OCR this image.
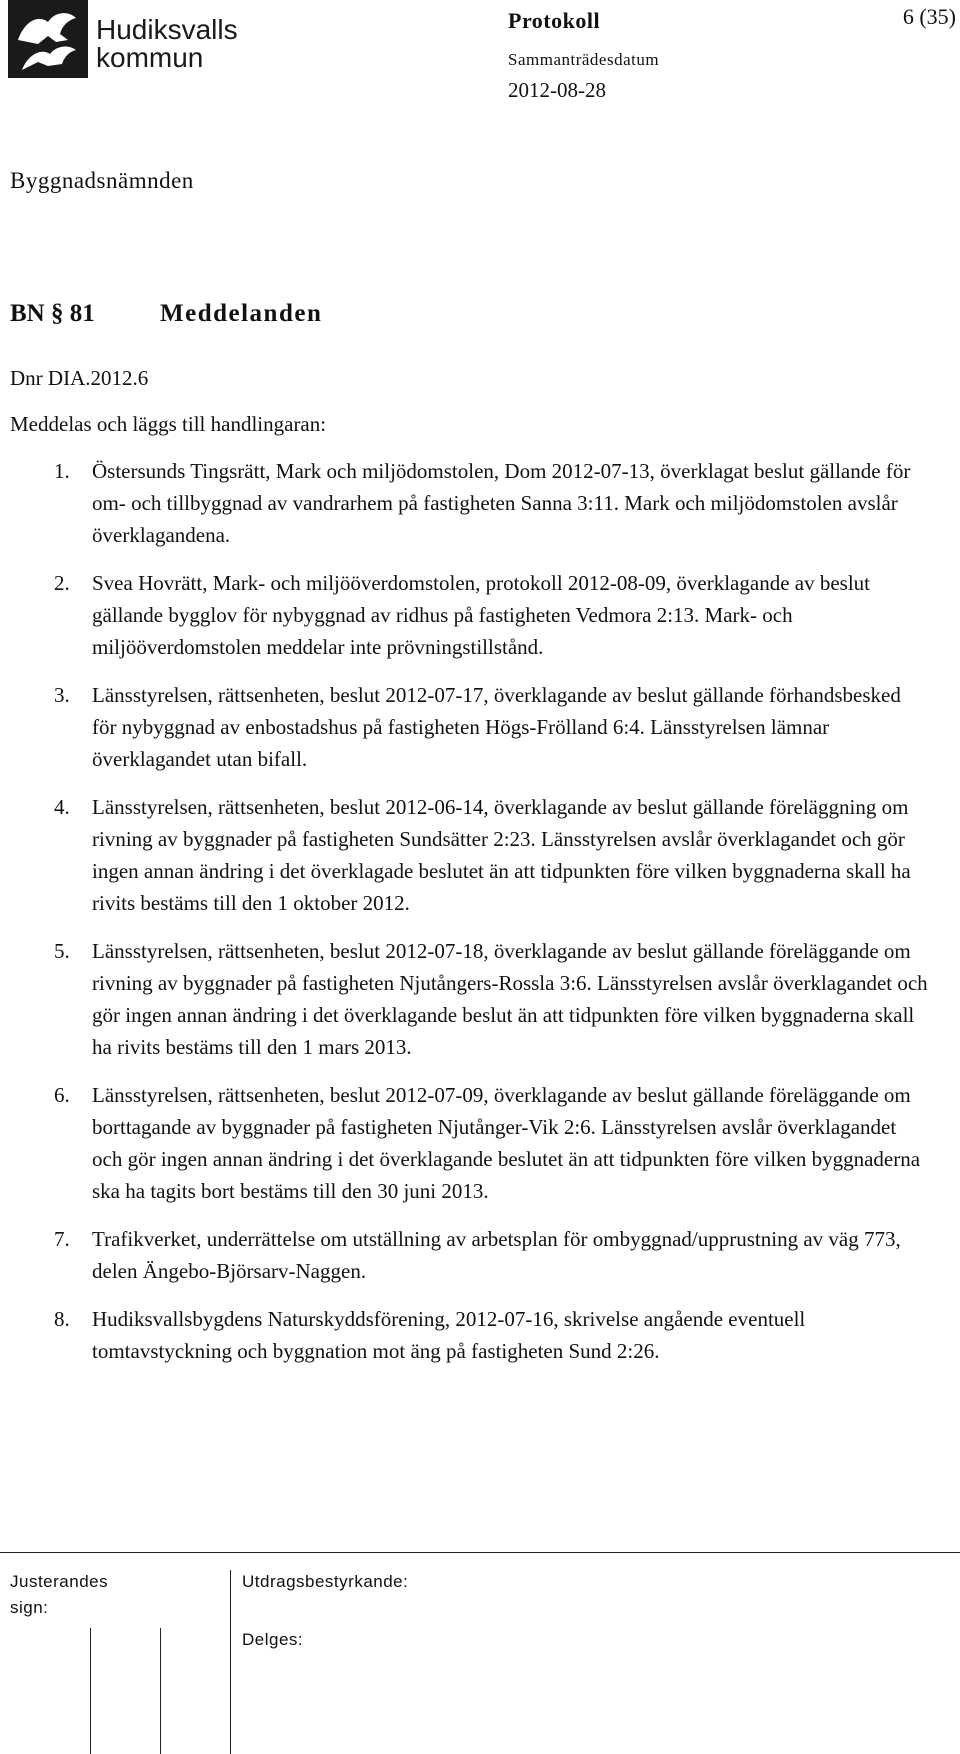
Hudiksvalls
kommun
Protokoll	6 (35)
Sammanträdesdatum
2012-08-28
Byggnadsnämnden
BN § 81	Meddelanden
Dnr DIA.2012.6
Meddelas och läggs till handlingaran:
1. Östersunds Tingsrätt, Mark och miljödomstolen, Dom 2012-07-13, överklagat beslut gällande för om- och tillbyggnad av vandrarhem på fastigheten Sanna 3:11. Mark och miljödomstolen avslår överklagandena.
2. Svea Hovrätt, Mark- och miljööverdomstolen, protokoll 2012-08-09, överklagande av beslut gällande bygglov för nybyggnad av ridhus på fastigheten Vedmora 2:13. Mark- och miljööverdomstolen meddelar inte prövningstillstånd.
3. Länsstyrelsen, rättsenheten, beslut 2012-07-17, överklagande av beslut gällande förhandsbesked för nybyggnad av enbostadshus på fastigheten Högs-Frölland 6:4. Länsstyrelsen lämnar överklagandet utan bifall.
4. Länsstyrelsen, rättsenheten, beslut 2012-06-14, överklagande av beslut gällande föreläggning om rivning av byggnader på fastigheten Sundsätter 2:23. Länsstyrelsen avslår överklagandet och gör ingen annan ändring i det överklagade beslutet än att tidpunkten före vilken byggnaderna skall ha rivits bestäms till den 1 oktober 2012.
5. Länsstyrelsen, rättsenheten, beslut 2012-07-18, överklagande av beslut gällande föreläggande om rivning av byggnader på fastigheten Njutångers-Rossla 3:6. Länsstyrelsen avslår överklagandet och gör ingen annan ändring i det överklagande beslut än att tidpunkten före vilken byggnaderna skall ha rivits bestäms till den 1 mars 2013.
6. Länsstyrelsen, rättsenheten, beslut 2012-07-09, överklagande av beslut gällande föreläggande om borttagande av byggnader på fastigheten Njutånger-Vik 2:6. Länsstyrelsen avslår överklagandet och gör ingen annan ändring i det överklagande beslutet än att tidpunkten före vilken byggnaderna ska ha tagits bort bestäms till den 30 juni 2013.
7. Trafikverket, underrättelse om utställning av arbetsplan för ombyggnad/upprustning av väg 773, delen Ängebo-Björsarv-Naggen.
8. Hudiksvallsbygdens Naturskyddsförening, 2012-07-16, skrivelse angående eventuell tomtavstyckning och byggnation mot äng på fastigheten Sund 2:26.
Justerandes
sign:
Utdragsbestyrkande:
Delges:
